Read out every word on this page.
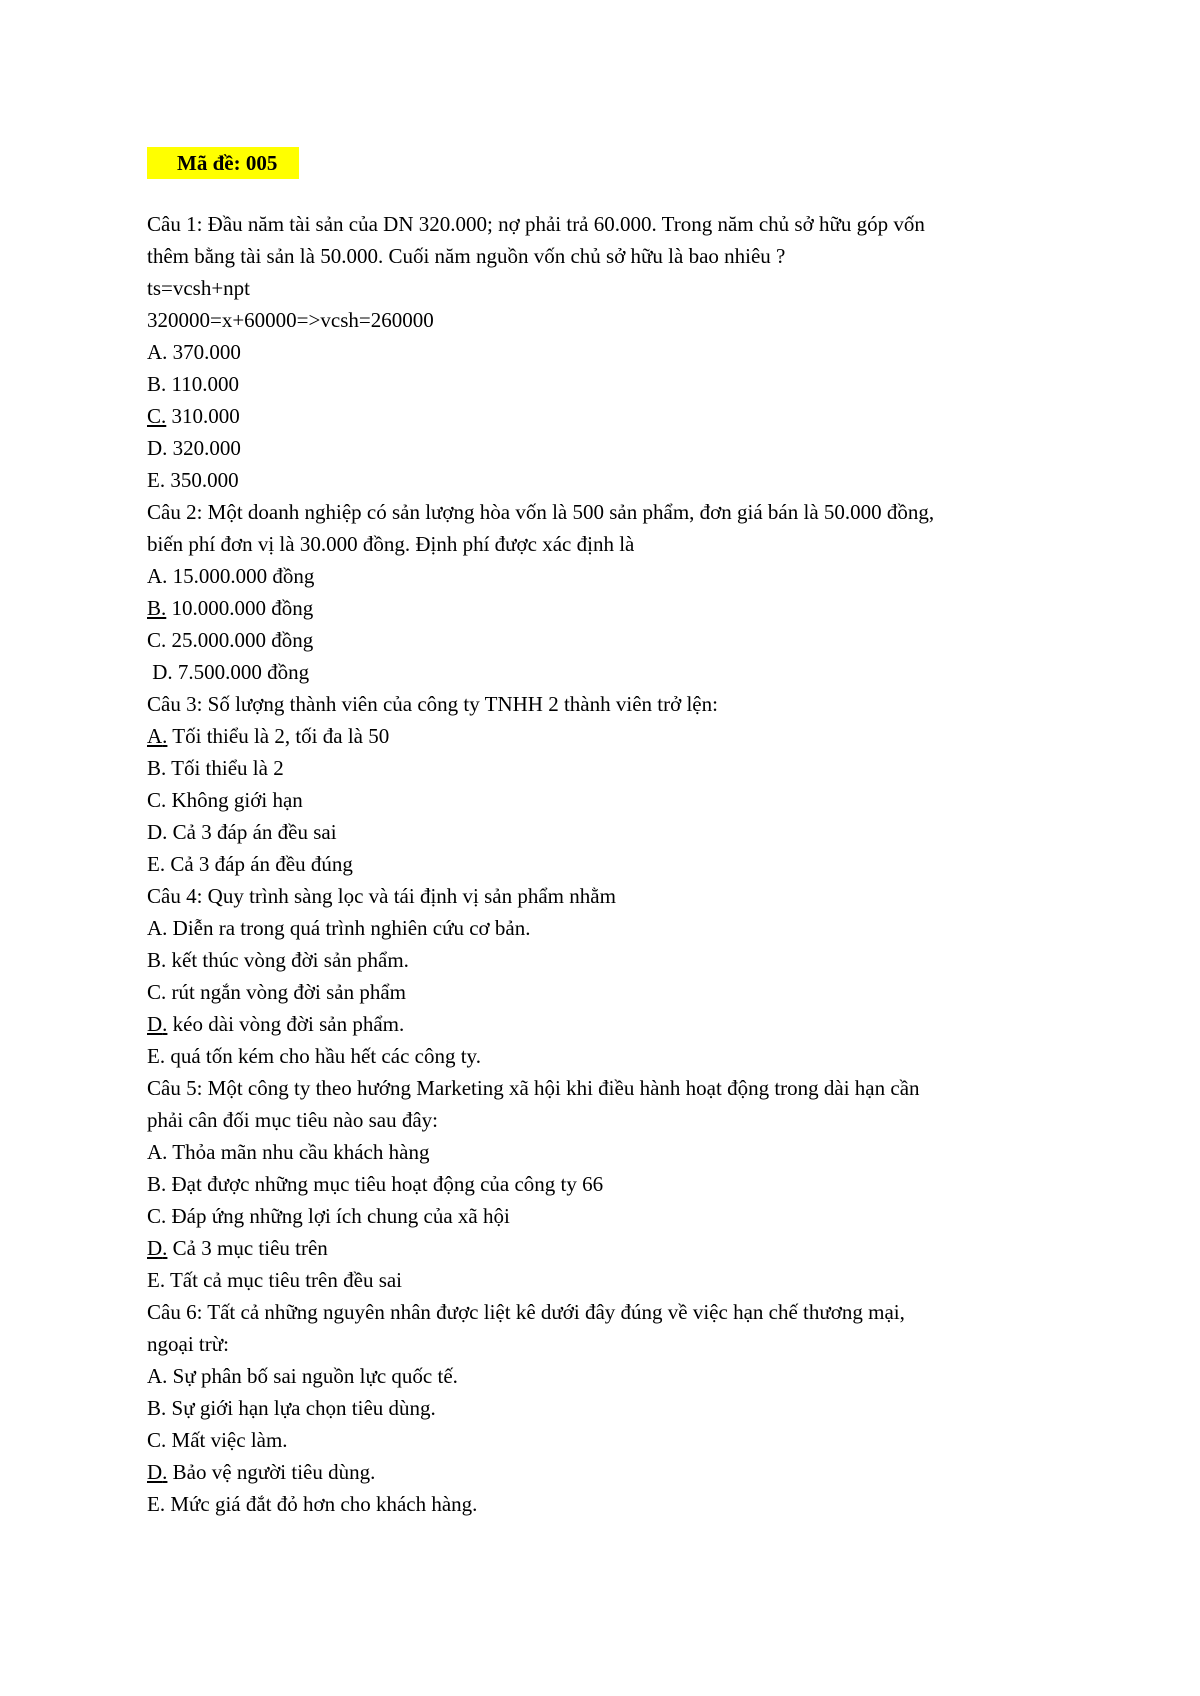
Mã đề: 005
Câu 1: Đầu năm tài sản của DN 320.000; nợ phải trả 60.000. Trong năm chủ sở hữu góp vốn
thêm bằng tài sản là 50.000. Cuối năm nguồn vốn chủ sở hữu là bao nhiêu ?
ts=vcsh+npt
320000=x+60000=>vcsh=260000
A. 370.000
B. 110.000
C. 310.000
D. 320.000
E. 350.000
Câu 2: Một doanh nghiệp có sản lượng hòa vốn là 500 sản phẩm, đơn giá bán là 50.000 đồng,
biến phí đơn vị là 30.000 đồng. Định phí được xác định là
A. 15.000.000 đồng
B. 10.000.000 đồng
C. 25.000.000 đồng
D. 7.500.000 đồng
Câu 3: Số lượng thành viên của công ty TNHH 2 thành viên trở lện:
A. Tối thiểu là 2, tối đa là 50
B. Tối thiểu là 2
C. Không giới hạn
D. Cả 3 đáp án đều sai
E. Cả 3 đáp án đều đúng
Câu 4: Quy trình sàng lọc và tái định vị sản phẩm nhằm
A. Diễn ra trong quá trình nghiên cứu cơ bản.
B. kết thúc vòng đời sản phẩm.
C. rút ngắn vòng đời sản phẩm
D. kéo dài vòng đời sản phẩm.
E. quá tốn kém cho hầu hết các công ty.
Câu 5: Một công ty theo hướng Marketing xã hội khi điều hành hoạt động trong dài hạn cần
phải cân đối mục tiêu nào sau đây:
A. Thỏa mãn nhu cầu khách hàng
B. Đạt được những mục tiêu hoạt động của công ty 66
C. Đáp ứng những lợi ích chung của xã hội
D. Cả 3 mục tiêu trên
E. Tất cả mục tiêu trên đều sai
Câu 6: Tất cả những nguyên nhân được liệt kê dưới đây đúng về việc hạn chế thương mại,
ngoại trừ:
A. Sự phân bố sai nguồn lực quốc tế.
B. Sự giới hạn lựa chọn tiêu dùng.
C. Mất việc làm.
D. Bảo vệ người tiêu dùng.
E. Mức giá đắt đỏ hơn cho khách hàng.
